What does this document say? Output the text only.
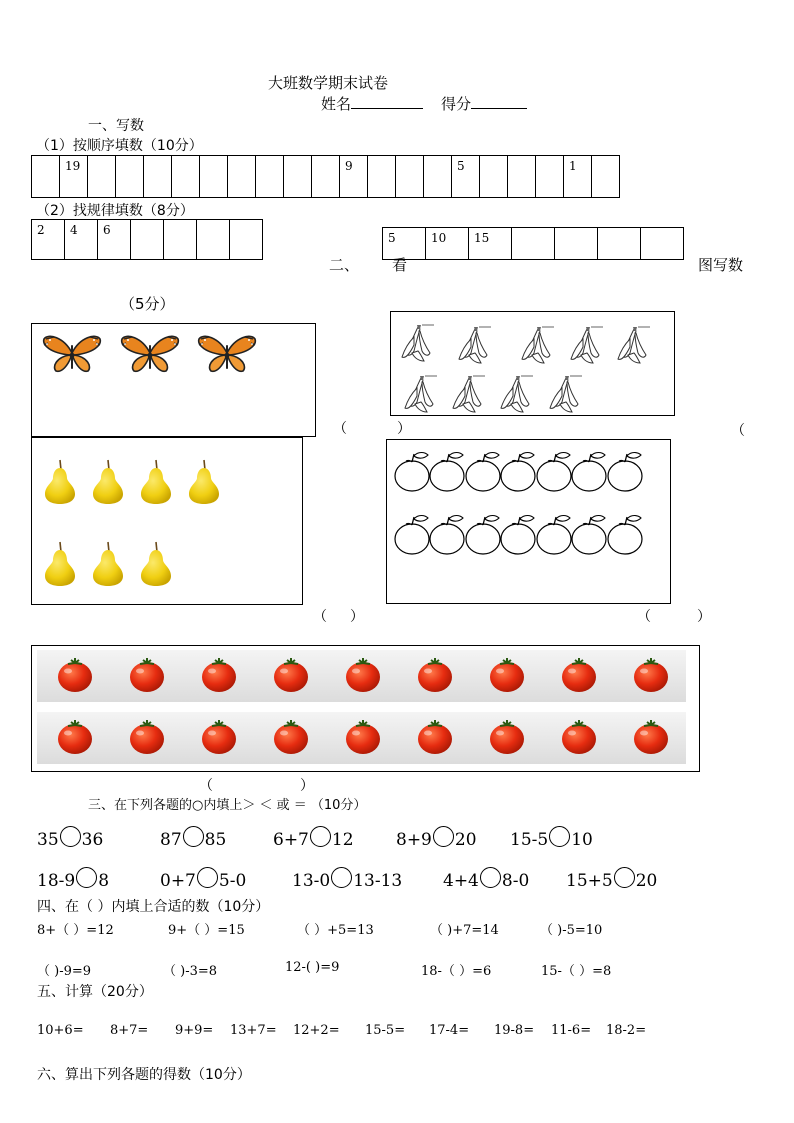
大班数学期末试卷
姓名	得分
一、写数
（1）按顺序填数（10分）

19										9				5				1

（2）找规律填数（8分）
2	4	6

5	10	15

二、 看	图写数
（5分）
（	）	（
（ ）	（	）
（	）
三、在下列各题的○内填上＞ ＜ 或 ＝ （10分）
35 36	87 85	6+7 12 8+9 20 15-5 10
18-9 8	0+7 5-0	13-0 13-13 4+4 8-0 15+5 20
四、在（ ）内填上合适的数（10分）
8+（ ）=12	9+（ ）=15	（ ）+5=13	（ )+7=14	（ )-5=10
（ )-9=9	（ )-3=8	12-( )=9	18-（ ）=6	15-（ ）=8
五、计算（20分）
10+6= 8+7= 9+9= 13+7= 12+2= 15-5= 17-4= 19-8= 11-6= 18-2=
六、算出下列各题的得数（10分）
